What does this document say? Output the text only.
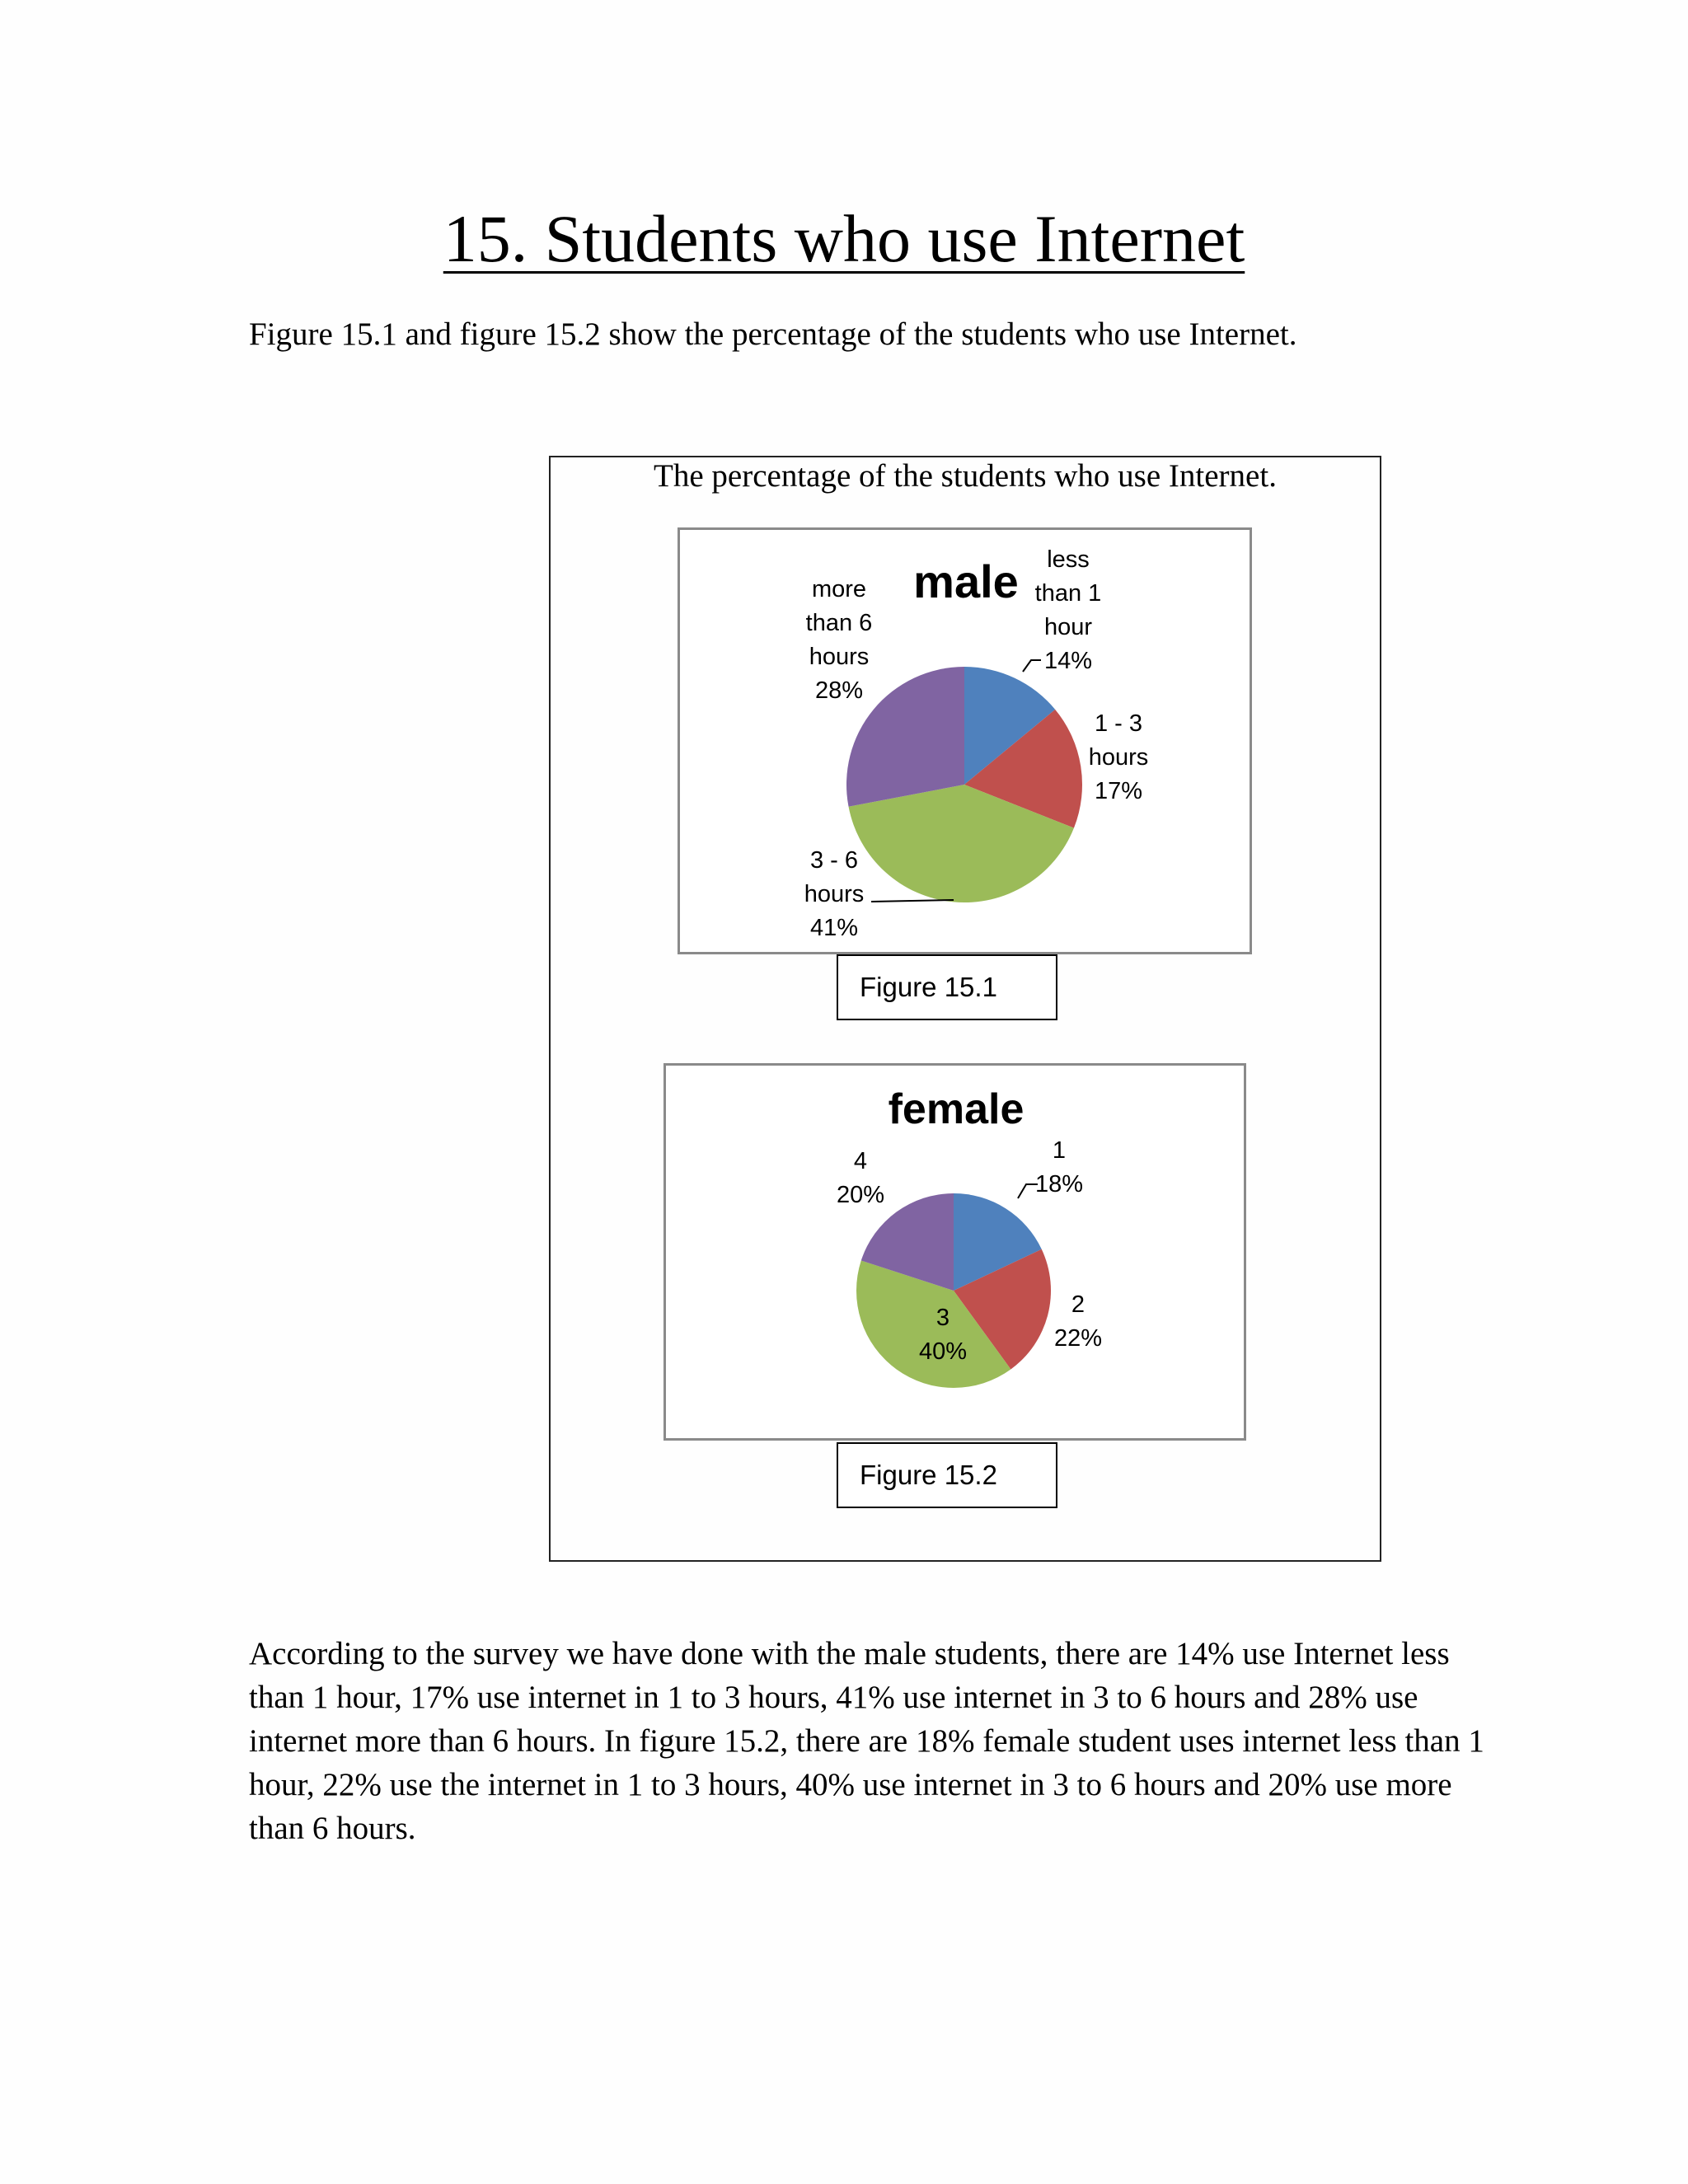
15. Students who use Internet

Figure 15.1 and figure 15.2 show the percentage of the students who use Internet.

The percentage of the students who use Internet.
male less
than 1
hour
14%
1 - 3
hours
17%
3 - 6
hours
41%
more
than 6
hours
28%
Figure 15.1
female
1
18%
2
22%
3
40%
4
20%
Figure 15.2

According to the survey we have done with the male students, there are 14% use Internet less than 1 hour, 17% use internet in 1 to 3 hours, 41% use internet in 3 to 6 hours and 28% use internet more than 6 hours. In figure 15.2, there are 18% female student uses internet less than 1 hour, 22% use the internet in 1 to 3 hours, 40% use internet in 3 to 6 hours and 20% use more than 6 hours.
